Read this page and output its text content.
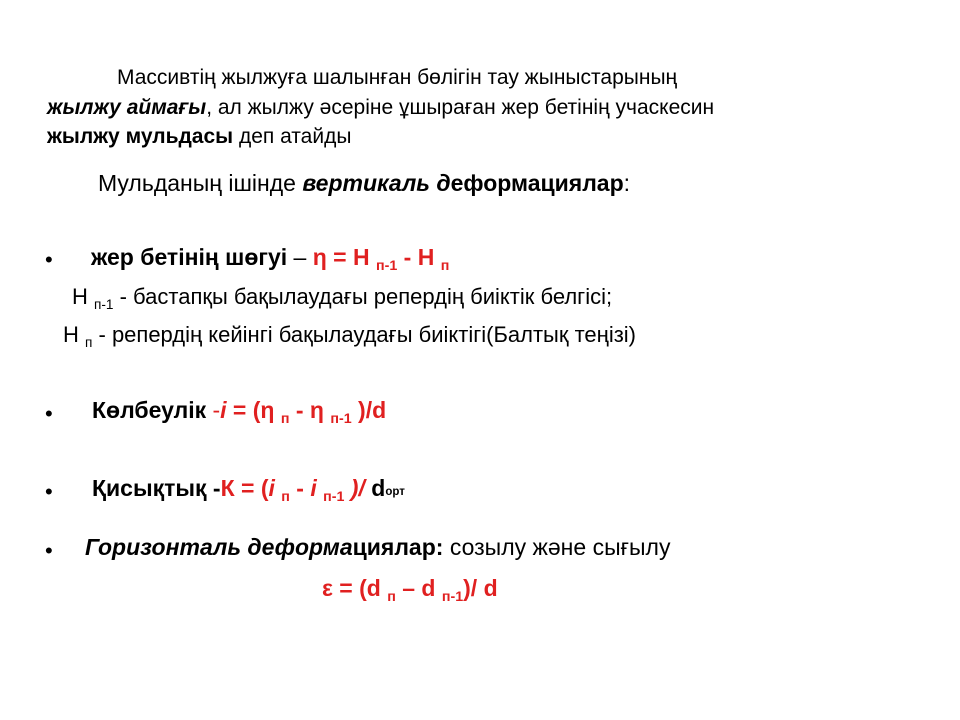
Массивтің жылжуға шалынған бөлігін тау жыныстарының
жылжу аймағы, ал жылжу әсеріне ұшыраған жер бетінің учаскесин
жылжу мульдасы деп атайды
Мульданың ішінде вертикаль деформациялар:
• жер бетінің шөгуі – η = Н $_{п-1}$ - Н $_п$
Н $_{п-1}$ - бастапқы бақылаудағы репердің биіктік белгісі;
Н $_п$ - репердің кейінгі бақылаудағы биіктігі(Балтық теңізі)
• Көлбеулік -i = (η $_п$ - η $_{п-1}$ )/d
• Қисықтық -К = (i $_п$ - i $_{п-1}$ )/ dорт
• Горизонталь деформациялар: созылу және сығылу
ε = (d $_п$ – d $_{п-1}$)/ d
